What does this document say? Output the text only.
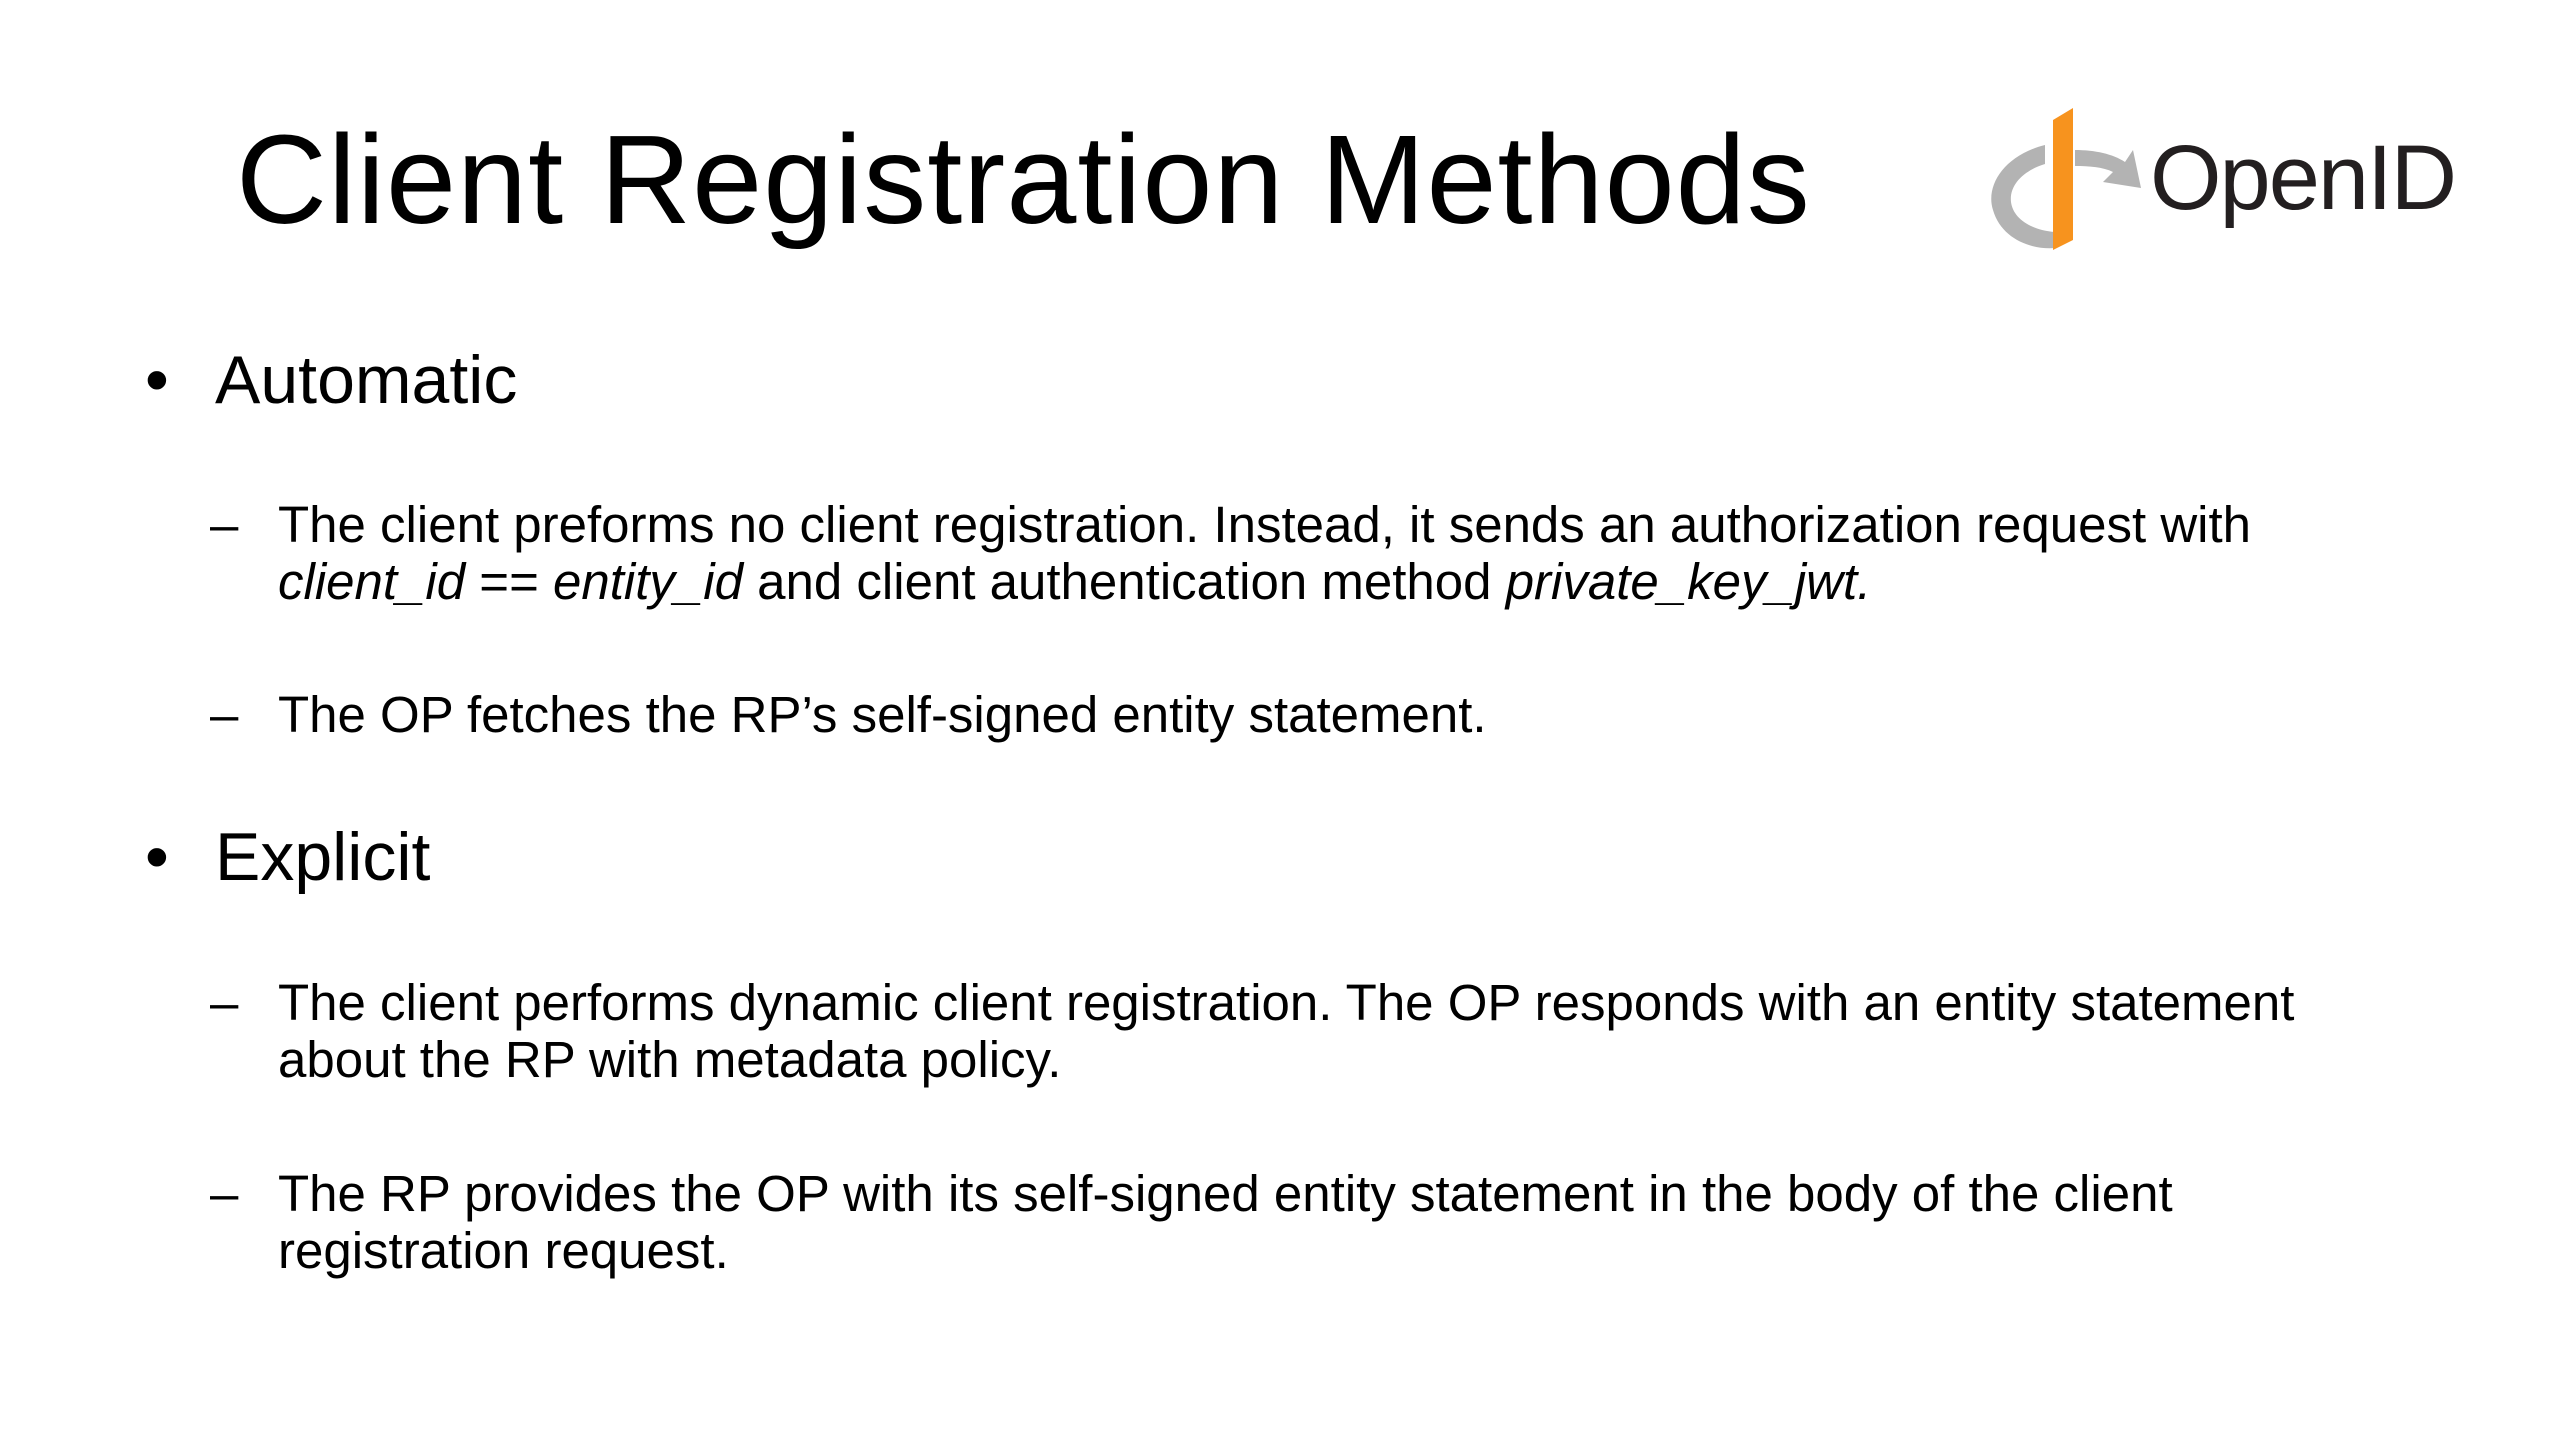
Client Registration Methods	OpenID
• Automatic
– The client preforms no client registration. Instead, it sends an authorization request with
client_id == entity_id and client authentication method private_key_jwt.
– The OP fetches the RP’s self-signed entity statement.
• Explicit
– The client performs dynamic client registration. The OP responds with an entity statement about the RP with metadata policy.
– The RP provides the OP with its self-signed entity statement in the body of the client registration request.
